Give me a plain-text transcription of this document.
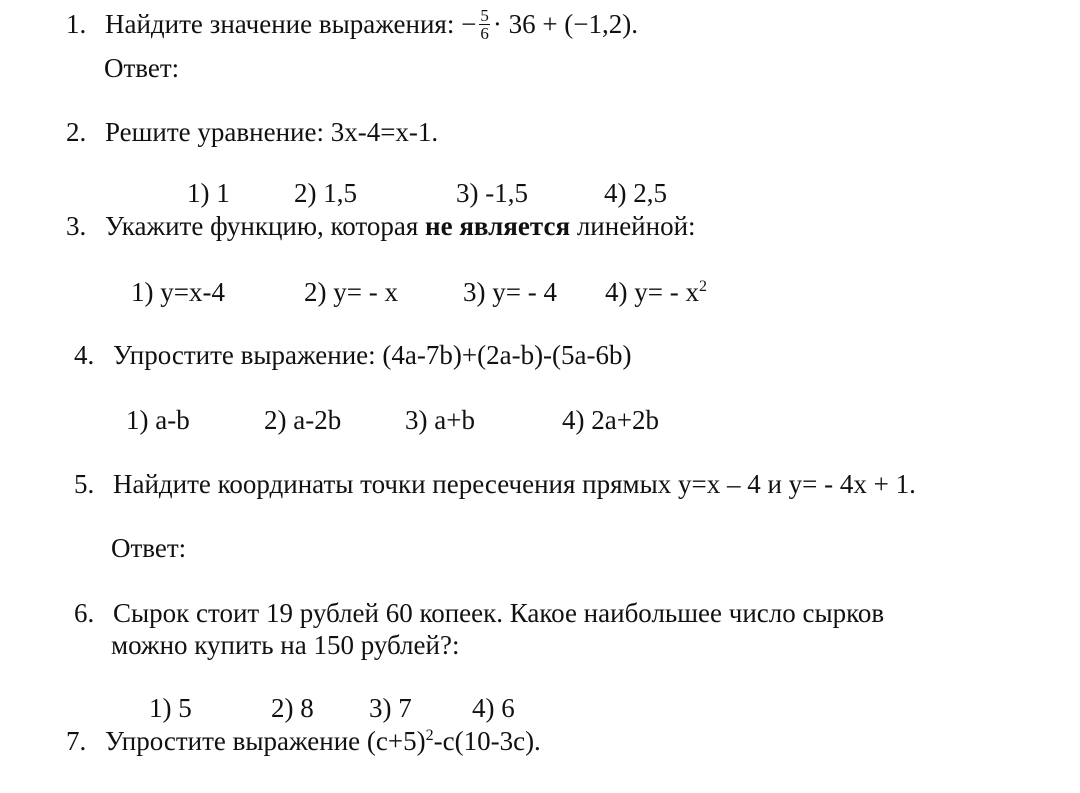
1. Найдите значение выражения: − $\frac{5}{6} \cdot 36 + (-1,2)$.
Ответ:
2. Решите уравнение: 3х-4=х-1.
1) 1 2) 1,5	3) -1,5	4) 2,5
3. Укажите функцию, которая не является линейной:
1) у=х-4	2) у= - х 3) у= - 4 4) $у= - х^2$
4. Упростите выражение: (4а-7b)+(2a-b)-(5a-6b)
1) a-b	2) a-2b 3) a+b	4) 2a+2b
5. Найдите координаты точки пересечения прямых у=х – 4 и у= - 4х + 1.
Ответ:
6. Сырок стоит 19 рублей 60 копеек. Какое наибольшее число сырков
можно купить на 150 рублей?:
1) 5	2) 8 3) 7 4) 6
7. Упростите выражение $(с+5)^2-с(10-3с)$.
